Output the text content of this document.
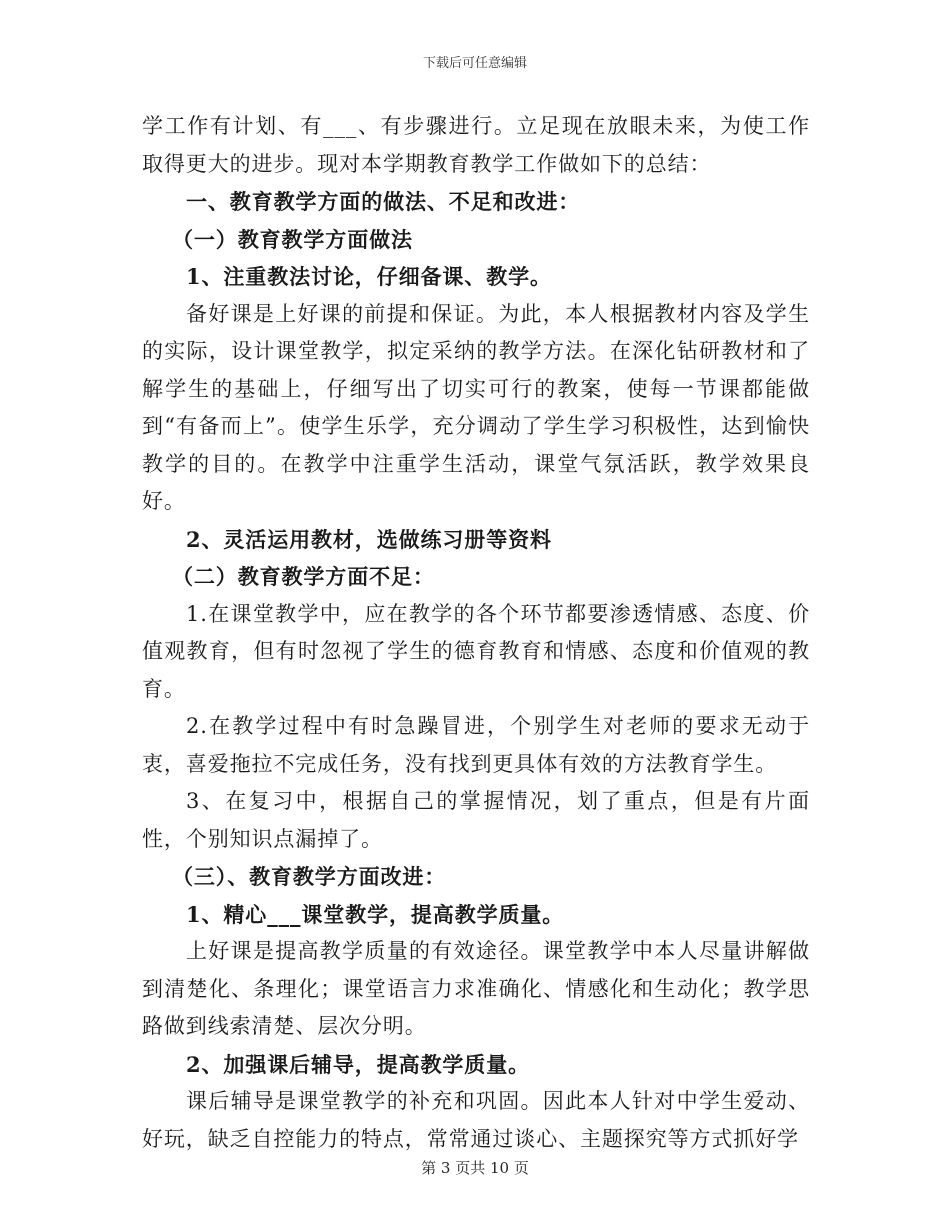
下载后可任意编辑

学工作有计划、有___、有步骤进行。立足现在放眼未来，为使工作取得更大的进步。现对本学期教育教学工作做如下的总结：

一、教育教学方面的做法、不足和改进：

（一）教育教学方面做法

1、注重教法讨论，仔细备课、教学。

备好课是上好课的前提和保证。为此，本人根据教材内容及学生的实际，设计课堂教学，拟定采纳的教学方法。在深化钻研教材和了解学生的基础上，仔细写出了切实可行的教案，使每一节课都能做到“有备而上”。使学生乐学，充分调动了学生学习积极性，达到愉快教学的目的。在教学中注重学生活动，课堂气氛活跃，教学效果良好。

2、灵活运用教材，选做练习册等资料

（二）教育教学方面不足：

1.在课堂教学中，应在教学的各个环节都要渗透情感、态度、价值观教育，但有时忽视了学生的德育教育和情感、态度和价值观的教育。

2.在教学过程中有时急躁冒进，个别学生对老师的要求无动于衷，喜爱拖拉不完成任务，没有找到更具体有效的方法教育学生。

3、在复习中，根据自己的掌握情况，划了重点，但是有片面性，个别知识点漏掉了。

（三）、教育教学方面改进：

1、精心___课堂教学，提高教学质量。

上好课是提高教学质量的有效途径。课堂教学中本人尽量讲解做到清楚化、条理化；课堂语言力求准确化、情感化和生动化；教学思路做到线索清楚、层次分明。

2、加强课后辅导，提高教学质量。

课后辅导是课堂教学的补充和巩固。因此本人针对中学生爱动、好玩，缺乏自控能力的特点，常常通过谈心、主题探究等方式抓好学

第 3 页共 10 页
